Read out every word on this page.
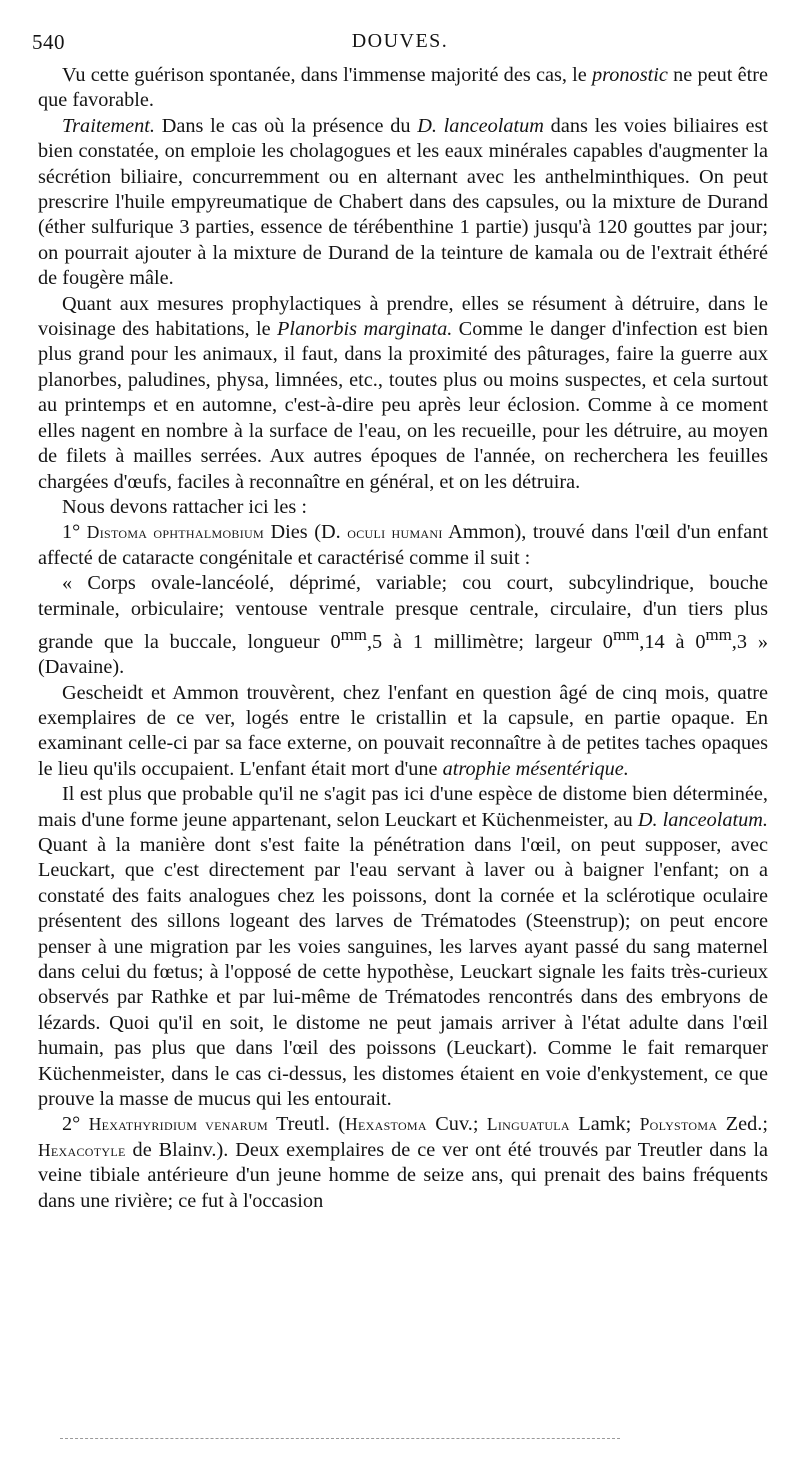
540	DOUVES.

Vu cette guérison spontanée, dans l'immense majorité des cas, le pronostic ne peut être que favorable.

Traitement. Dans le cas où la présence du D. lanceolatum dans les voies biliaires est bien constatée, on emploie les cholagogues et les eaux minérales capables d'augmenter la sécrétion biliaire, concurremment ou en alternant avec les anthelminthiques. On peut prescrire l'huile empyreumatique de Chabert dans des capsules, ou la mixture de Durand (éther sulfurique 3 parties, essence de térébenthine 1 partie) jusqu'à 120 gouttes par jour; on pourrait ajouter à la mixture de Durand de la teinture de kamala ou de l'extrait éthéré de fougère mâle.

Quant aux mesures prophylactiques à prendre, elles se résument à détruire, dans le voisinage des habitations, le Planorbis marginata. Comme le danger d'infection est bien plus grand pour les animaux, il faut, dans la proximité des pâturages, faire la guerre aux planorbes, paludines, physa, limnées, etc., toutes plus ou moins suspectes, et cela surtout au printemps et en automne, c'est-à-dire peu après leur éclosion. Comme à ce moment elles nagent en nombre à la surface de l'eau, on les recueille, pour les détruire, au moyen de filets à mailles serrées. Aux autres époques de l'année, on recherchera les feuilles chargées d'œufs, faciles à reconnaître en général, et on les détruira.

Nous devons rattacher ici les :

1° Distoma ophthalmobium Dies (D. oculi humani Ammon), trouvé dans l'œil d'un enfant affecté de cataracte congénitale et caractérisé comme il suit :

« Corps ovale-lancéolé, déprimé, variable; cou court, subcylindrique, bouche terminale, orbiculaire; ventouse ventrale presque centrale, circulaire, d'un tiers plus grande que la buccale, longueur $0^{mm},5$ à 1 millimètre; largeur $0^{mm},14$ à $0^{mm},3$ » (Davaine).

Gescheidt et Ammon trouvèrent, chez l'enfant en question âgé de cinq mois, quatre exemplaires de ce ver, logés entre le cristallin et la capsule, en partie opaque. En examinant celle-ci par sa face externe, on pouvait reconnaître à de petites taches opaques le lieu qu'ils occupaient. L'enfant était mort d'une atrophie mésentérique.

Il est plus que probable qu'il ne s'agit pas ici d'une espèce de distome bien déterminée, mais d'une forme jeune appartenant, selon Leuckart et Küchenmeister, au D. lanceolatum. Quant à la manière dont s'est faite la pénétration dans l'œil, on peut supposer, avec Leuckart, que c'est directement par l'eau servant à laver ou à baigner l'enfant; on a constaté des faits analogues chez les poissons, dont la cornée et la sclérotique oculaire présentent des sillons logeant des larves de Trématodes (Steenstrup); on peut encore penser à une migration par les voies sanguines, les larves ayant passé du sang maternel dans celui du fœtus; à l'opposé de cette hypothèse, Leuckart signale les faits très-curieux observés par Rathke et par lui-même de Trématodes rencontrés dans des embryons de lézards. Quoi qu'il en soit, le distome ne peut jamais arriver à l'état adulte dans l'œil humain, pas plus que dans l'œil des poissons (Leuckart). Comme le fait remarquer Küchenmeister, dans le cas ci-dessus, les distomes étaient en voie d'enkystement, ce que prouve la masse de mucus qui les entourait.

2° Hexathyridium venarum Treutl. (Hexastoma Cuv.; Linguatula Lamk; Polystoma Zed.; Hexacotyle de Blainv.). Deux exemplaires de ce ver ont été trouvés par Treutler dans la veine tibiale antérieure d'un jeune homme de seize ans, qui prenait des bains fréquents dans une rivière; ce fut à l'occasion
